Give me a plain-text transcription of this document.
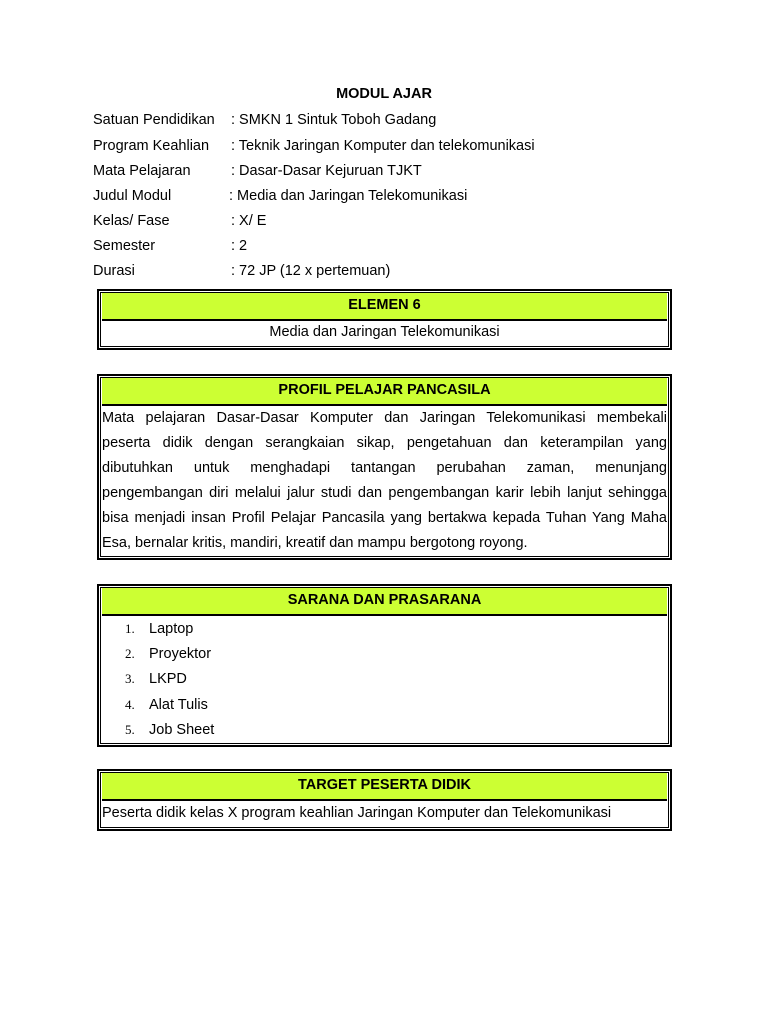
MODUL AJAR
Satuan Pendidikan : SMKN 1 Sintuk Toboh Gadang
Program Keahlian : Teknik Jaringan Komputer dan telekomunikasi
Mata Pelajaran	: Dasar-Dasar Kejuruan TJKT
Judul Modul	: Media dan Jaringan Telekomunikasi
Kelas/ Fase	: X/ E
Semester	: 2
Durasi	: 72 JP (12 x pertemuan)
ELEMEN 6
Media dan Jaringan Telekomunikasi
PROFIL PELAJAR PANCASILA
Mata pelajaran Dasar-Dasar Komputer dan Jaringan Telekomunikasi membekali peserta didik dengan serangkaian sikap, pengetahuan dan keterampilan yang dibutuhkan untuk menghadapi tantangan perubahan zaman, menunjang pengembangan diri melalui jalur studi dan pengembangan karir lebih lanjut sehingga bisa menjadi insan Profil Pelajar Pancasila yang bertakwa kepada Tuhan Yang Maha Esa, bernalar kritis, mandiri, kreatif dan mampu bergotong royong.
SARANA DAN PRASARANA
1. Laptop
2. Proyektor
3. LKPD
4. Alat Tulis
5. Job Sheet
TARGET PESERTA DIDIK
Peserta didik kelas X program keahlian Jaringan Komputer dan Telekomunikasi
